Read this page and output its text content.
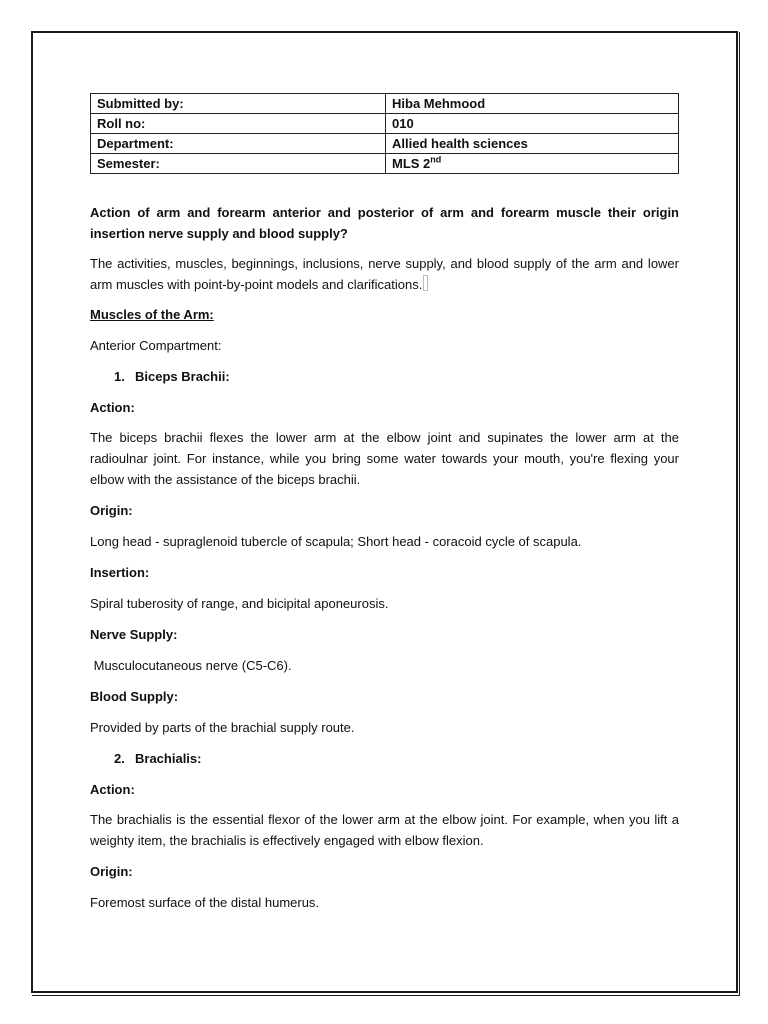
Submitted by:	Hiba Mehmood
Roll no:	010
Department:	Allied health sciences
Semester:	MLS 2nd

Action of arm and forearm anterior and posterior of arm and forearm muscle their origin insertion nerve supply and blood supply?

The activities, muscles, beginnings, inclusions, nerve supply, and blood supply of the arm and lower arm muscles with point-by-point models and clarifications.

Muscles of the Arm:

Anterior Compartment:

1. Biceps Brachii:

Action:

The biceps brachii flexes the lower arm at the elbow joint and supinates the lower arm at the radioulnar joint. For instance, while you bring some water towards your mouth, you're flexing your elbow with the assistance of the biceps brachii.

Origin:

Long head - supraglenoid tubercle of scapula; Short head - coracoid cycle of scapula.

Insertion:

Spiral tuberosity of range, and bicipital aponeurosis.

Nerve Supply:

Musculocutaneous nerve (C5-C6).

Blood Supply:

Provided by parts of the brachial supply route.

2. Brachialis:

Action:

The brachialis is the essential flexor of the lower arm at the elbow joint. For example, when you lift a weighty item, the brachialis is effectively engaged with elbow flexion.

Origin:

Foremost surface of the distal humerus.
